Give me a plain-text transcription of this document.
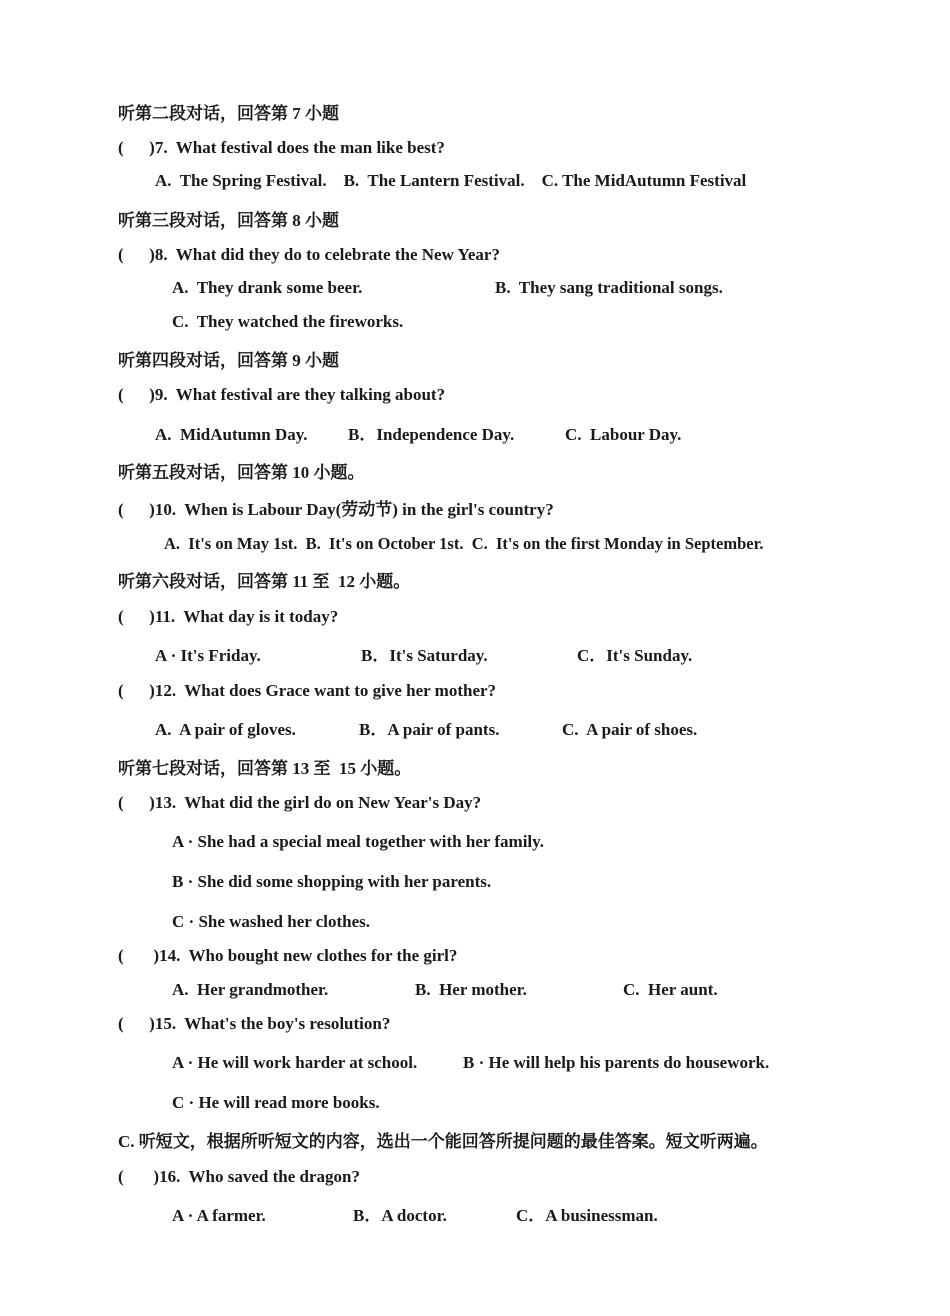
听第二段对话，回答第 7 小题
(      )7.  What festival does the man like best?
A.  The Spring Festival.    B.  The Lantern Festival.    C. The MidAutumn Festival
听第三段对话，回答第 8 小题
(      )8.  What did they do to celebrate the New Year?
A.  They drank some beer.	B.  They sang traditional songs.
C.  They watched the fireworks.
听第四段对话，回答第 9 小题
(      )9.  What festival are they talking about?
A.  MidAutumn Day. B．Independence Day.	C.  Labour Day.
听第五段对话，回答第 10 小题。
(      )10.  When is Labour Day(劳动节) in the girl's country?
A.  It's on May 1st.  B.  It's on October 1st.  C.  It's on the first Monday in September.
听第六段对话，回答第 11 至  12 小题。
(      )11.  What day is it today?
A · It's Friday.	B．It's Saturday.	C．It's Sunday.
(      )12.  What does Grace want to give her mother?
A.  A pair of gloves.	B．A pair of pants.	C.  A pair of shoes.
听第七段对话，回答第 13 至  15 小题。
(      )13.  What did the girl do on New Year's Day?
A · She had a special meal together with her family.
B · She did some shopping with her parents.
C · She washed her clothes.
(       )14.  Who bought new clothes for the girl?
A.  Her grandmother.	B.  Her mother.	C.  Her aunt.
(      )15.  What's the boy's resolution?
A · He will work harder at school.	B · He will help his parents do housework.
C · He will read more books.
C. 听短文，根据所听短文的内容，选出一个能回答所提问题的最佳答案。短文听两遍。
(       )16.  Who saved the dragon?
A · A farmer.	B．A doctor.	C．A businessman.
